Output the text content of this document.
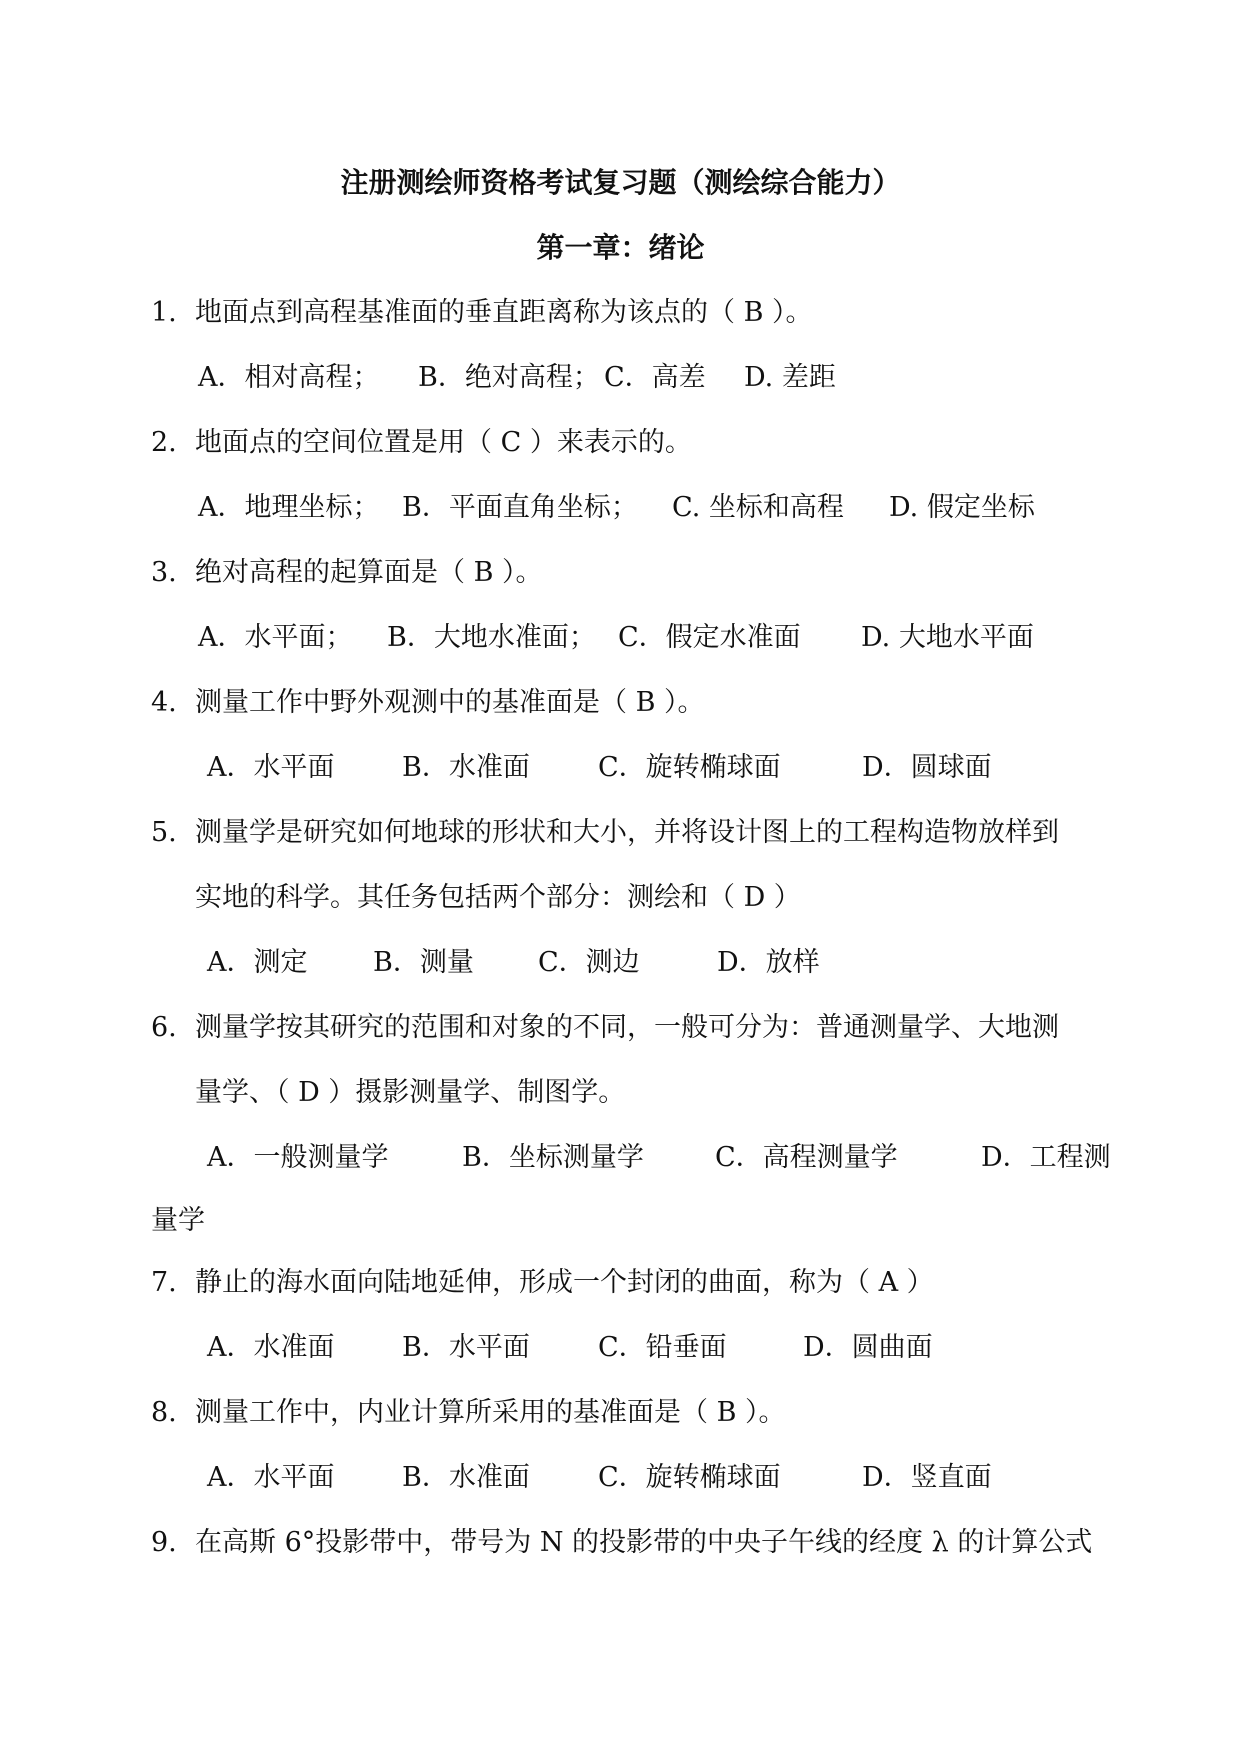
注册测绘师资格考试复习题（测绘综合能力）
第一章：绪论
1. 地面点到高程基准面的垂直距离称为该点的（ B ）。
A．相对高程； B．绝对高程； C．高差 D. 差距
2. 地面点的空间位置是用（ C ）来表示的。
A．地理坐标； B．平面直角坐标； C. 坐标和高程 D. 假定坐标
3. 绝对高程的起算面是（ B ）。
A．水平面； B．大地水准面； C．假定水准面 D. 大地水平面
4. 测量工作中野外观测中的基准面是（ B ）。
A．水平面	B．水准面	C．旋转椭球面	D．圆球面
5. 测量学是研究如何地球的形状和大小，并将设计图上的工程构造物放样到
实地的科学。其任务包括两个部分：测绘和（ D ）
A．测定 B．测量 C．测边	D．放样
6. 测量学按其研究的范围和对象的不同，一般可分为：普通测量学、大地测
量学、（ D ）摄影测量学、制图学。
A．一般测量学	B．坐标测量学	C．高程测量学	D．工程测
量学
7. 静止的海水面向陆地延伸，形成一个封闭的曲面，称为（ A ）
A．水准面	B．水平面	C．铅垂面	D．圆曲面
8. 测量工作中，内业计算所采用的基准面是（ B ）。
A．水平面	B．水准面	C．旋转椭球面	D．竖直面
9. 在高斯 6°投影带中，带号为 N 的投影带的中央子午线的经度 λ 的计算公式
